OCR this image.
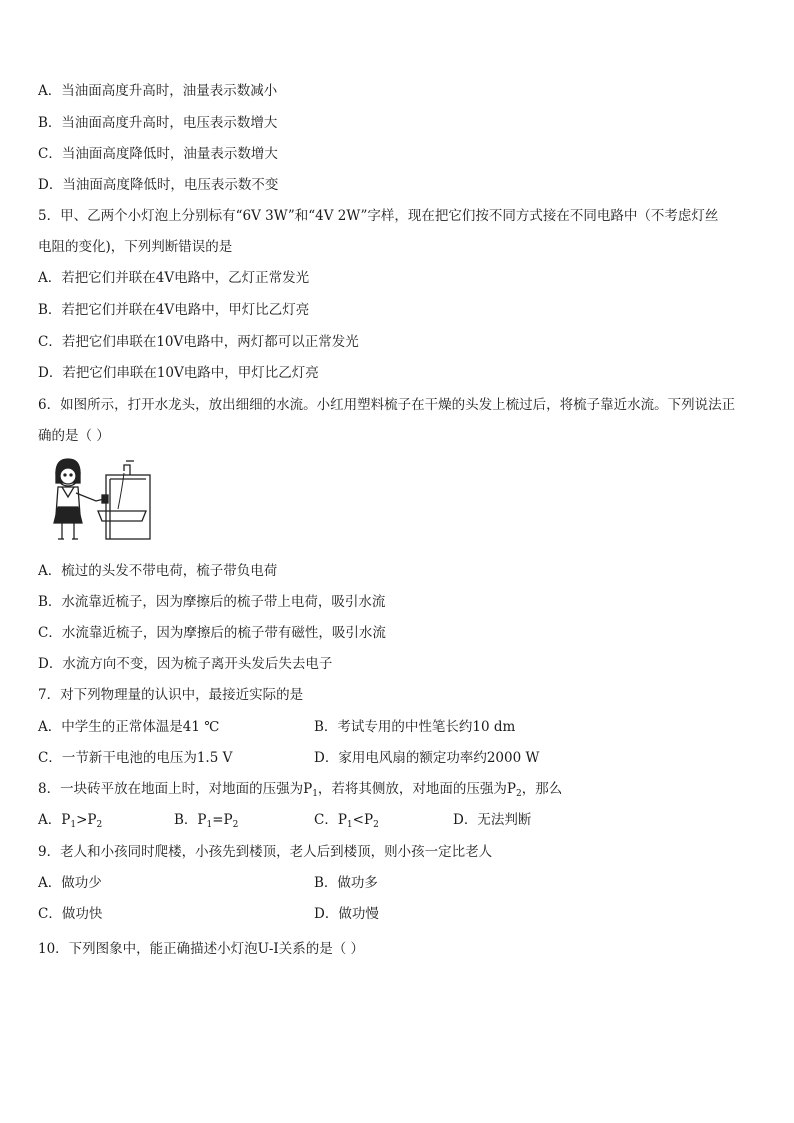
A．当油面高度升高时，油量表示数减小
B．当油面高度升高时，电压表示数增大
C．当油面高度降低时，油量表示数增大
D．当油面高度降低时，电压表示数不变
5．甲、乙两个小灯泡上分别标有“6V 3W”和“4V 2W”字样，现在把它们按不同方式接在不同电路中（不考虑灯丝
电阻的变化)，下列判断错误的是
A．若把它们并联在4V电路中，乙灯正常发光
B．若把它们并联在4V电路中，甲灯比乙灯亮
C．若把它们串联在10V电路中，两灯都可以正常发光
D．若把它们串联在10V电路中，甲灯比乙灯亮
6．如图所示，打开水龙头，放出细细的水流。小红用塑料梳子在干燥的头发上梳过后，将梳子靠近水流。下列说法正
确的是（ ）
A．梳过的头发不带电荷，梳子带负电荷
B．水流靠近梳子，因为摩擦后的梳子带上电荷，吸引水流
C．水流靠近梳子，因为摩擦后的梳子带有磁性，吸引水流
D．水流方向不变，因为梳子离开头发后失去电子
7．对下列物理量的认识中，最接近实际的是
A．中学生的正常体温是41 ℃	B．考试专用的中性笔长约10 dm
C．一节新干电池的电压为1.5 V	D．家用电风扇的额定功率约2000 W
8．一块砖平放在地面上时，对地面的压强为$P_1$，若将其侧放，对地面的压强为$P_2$，那么
A．$P_1>P_2$	B．$P_1=P_2$	C．$P_1<P_2$	D．无法判断
9．老人和小孩同时爬楼，小孩先到楼顶，老人后到楼顶，则小孩一定比老人
A．做功少	B．做功多
C．做功快	D．做功慢
10．下列图象中，能正确描述小灯泡U-I关系的是（ ）
